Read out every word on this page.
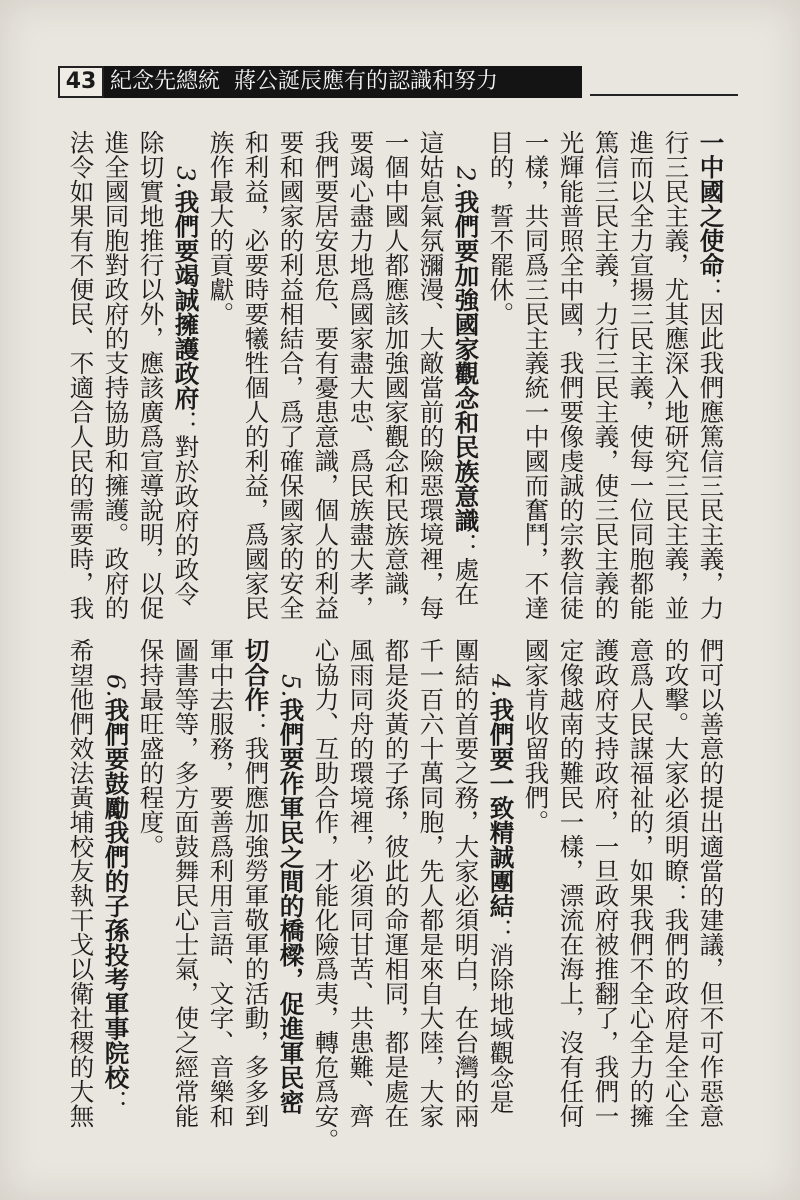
43 紀念先總統 蔣公誕辰應有的認識和努力
一中國之使命：因此我們應篤信三民主義，力
行三民主義，尤其應深入地研究三民主義，並
進而以全力宣揚三民主義，使每一位同胞都能
篤信三民主義，力行三民主義，使三民主義的
光輝能普照全中國，我們要像虔誠的宗教信徒
一樣，共同爲三民主義統一中國而奮鬥，不達
目的，誓不罷休。
2.我們要加強國家觀念和民族意識：處在
這姑息氣氛瀰漫、大敵當前的險惡環境裡，每
一個中國人都應該加強國家觀念和民族意識，
要竭心盡力地爲國家盡大忠、爲民族盡大孝，
我們要居安思危、要有憂患意識，個人的利益
要和國家的利益相結合，爲了確保國家的安全
和利益，必要時要犧牲個人的利益，爲國家民
族作最大的貢獻。
3.我們要竭誠擁護政府：對於政府的政令
除切實地推行以外，應該廣爲宣導說明，以促
進全國同胞對政府的支持協助和擁護。政府的
法令如果有不便民、不適合人民的需要時，我
們可以善意的提出適當的建議，但不可作惡意
的攻擊。大家必須明瞭：我們的政府是全心全
意爲人民謀福祉的，如果我們不全心全力的擁
護政府支持政府，一旦政府被推翻了，我們一
定像越南的難民一樣，漂流在海上，沒有任何
國家肯收留我們。
4.我們要一致精誠團結：消除地域觀念是
團結的首要之務，大家必須明白，在台灣的兩
千一百六十萬同胞，先人都是來自大陸，大家
都是炎黃的子孫，彼此的命運相同，都是處在
風雨同舟的環境裡，必須同甘苦、共患難、齊
心協力、互助合作，才能化險爲夷，轉危爲安。
5.我們要作軍民之間的橋樑，促進軍民密
切合作：我們應加強勞軍敬軍的活動，多多到
軍中去服務，要善爲利用言語、文字、音樂和
圖書等等，多方面鼓舞民心士氣，使之經常能
保持最旺盛的程度。
6.我們要鼓勵我們的子孫投考軍事院校：
希望他們效法黃埔校友執干戈以衛社稷的大無
